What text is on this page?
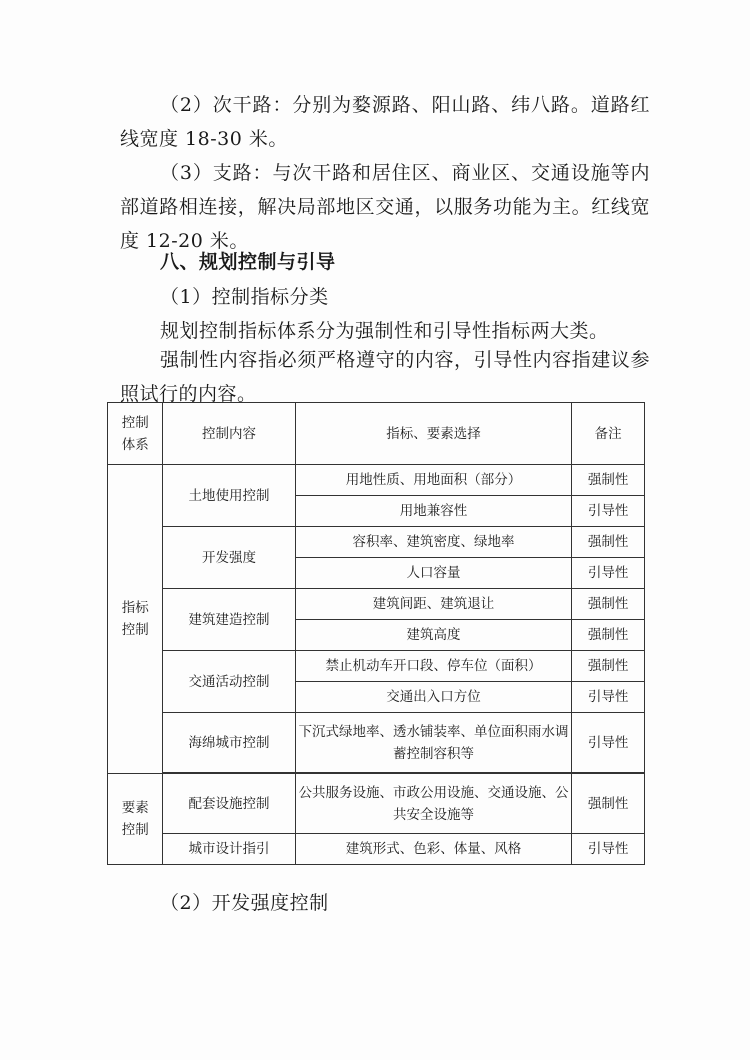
（2）次干路：分别为婺源路、阳山路、纬八路。道路红线宽度 18-30 米。

（3）支路：与次干路和居住区、商业区、交通设施等内部道路相连接，解决局部地区交通，以服务功能为主。红线宽度 12-20 米。

八、规划控制与引导

（1）控制指标分类

规划控制指标体系分为强制性和引导性指标两大类。

强制性内容指必须严格遵守的内容，引导性内容指建议参照试行的内容。

控制
体系	控制内容	指标、要素选择	备注
指标
控制	土地使用控制	用地性质、用地面积（部分）	强制性
		用地兼容性	引导性
	开发强度	容积率、建筑密度、绿地率	强制性
		人口容量	引导性
	建筑建造控制	建筑间距、建筑退让	强制性
		建筑高度	强制性
	交通活动控制	禁止机动车开口段、停车位（面积）	强制性
		交通出入口方位	引导性
	海绵城市控制	下沉式绿地率、透水铺装率、单位面积雨水调蓄控制容积等	引导性

要素
控制	配套设施控制	公共服务设施、市政公用设施、交通设施、公共安全设施等	强制性
	城市设计指引	建筑形式、色彩、体量、风格	引导性

（2）开发强度控制
